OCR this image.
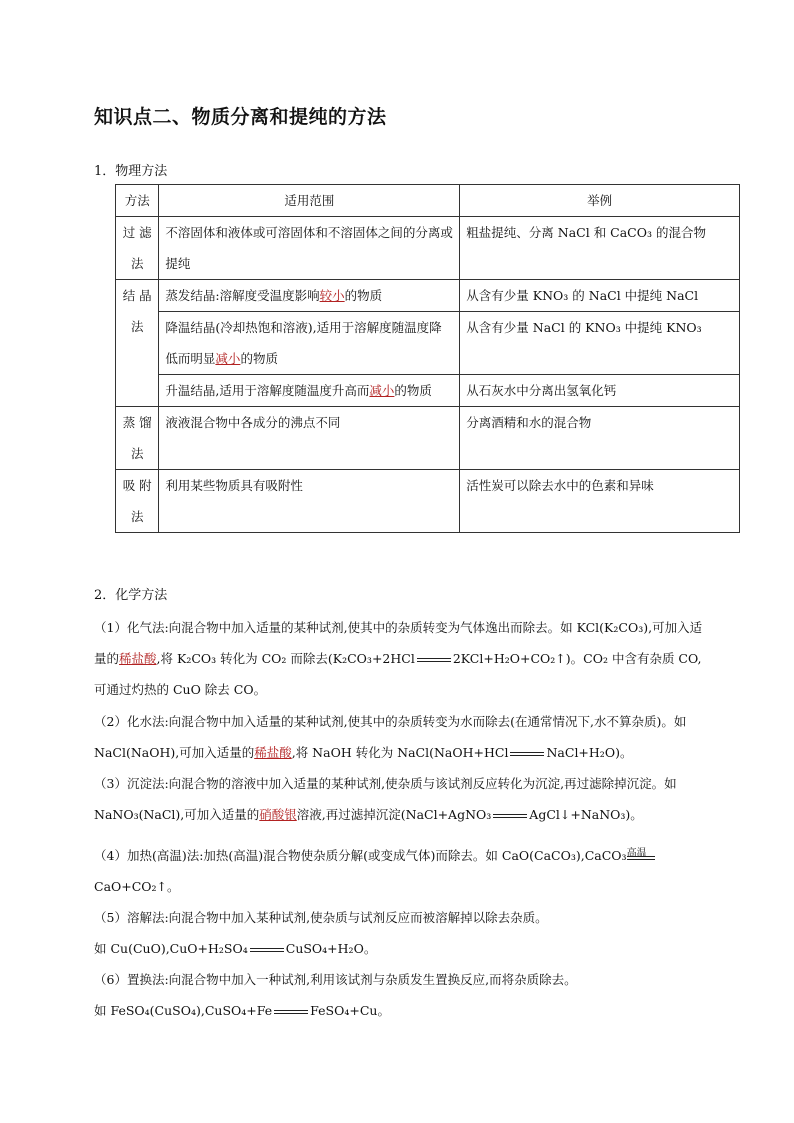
知识点二、物质分离和提纯的方法
1．物理方法
方法	适用范围	举例
过 滤 法	不溶固体和液体或可溶固体和不溶固体之间的分离或提纯	粗盐提纯、分离 NaCl 和 CaCO₃ 的混合物
结 晶 法	蒸发结晶:溶解度受温度影响较小的物质	从含有少量 KNO₃ 的 NaCl 中提纯 NaCl
	降温结晶(冷却热饱和溶液),适用于溶解度随温度降低而明显减小的物质	从含有少量 NaCl 的 KNO₃ 中提纯 KNO₃
	升温结晶,适用于溶解度随温度升高而减小的物质	从石灰水中分离出氢氧化钙
蒸 馏 法	液液混合物中各成分的沸点不同	分离酒精和水的混合物
吸 附 法	利用某些物质具有吸附性	活性炭可以除去水中的色素和异味
2．化学方法
（1）化气法:向混合物中加入适量的某种试剂,使其中的杂质转变为气体逸出而除去。如 KCl(K₂CO₃),可加入适量的稀盐酸,将 K₂CO₃ 转化为 CO₂ 而除去(K₂CO₃+2HCl	2KCl+H₂O+CO₂↑)。CO₂ 中含有杂质 CO,可通过灼热的 CuO 除去 CO。
（2）化水法:向混合物中加入适量的某种试剂,使其中的杂质转变为水而除去(在通常情况下,水不算杂质)。如 NaCl(NaOH),可加入适量的稀盐酸,将 NaOH 转化为 NaCl(NaOH+HCl	NaCl+H₂O)。
（3）沉淀法:向混合物的溶液中加入适量的某种试剂,使杂质与该试剂反应转化为沉淀,再过滤除掉沉淀。如 NaNO₃(NaCl),可加入适量的硝酸银溶液,再过滤掉沉淀(NaCl+AgNO₃	AgCl↓+NaNO₃)。
（4）加热(高温)法:加热(高温)混合物使杂质分解(或变成气体)而除去。如 CaO(CaCO₃),CaCO₃ 高温

CaO+CO₂↑。
（5）溶解法:向混合物中加入某种试剂,使杂质与试剂反应而被溶解掉以除去杂质。
如 Cu(CuO),CuO+H₂SO₄	CuSO₄+H₂O。
（6）置换法:向混合物中加入一种试剂,利用该试剂与杂质发生置换反应,而将杂质除去。
如 FeSO₄(CuSO₄),CuSO₄+Fe	FeSO₄+Cu。
